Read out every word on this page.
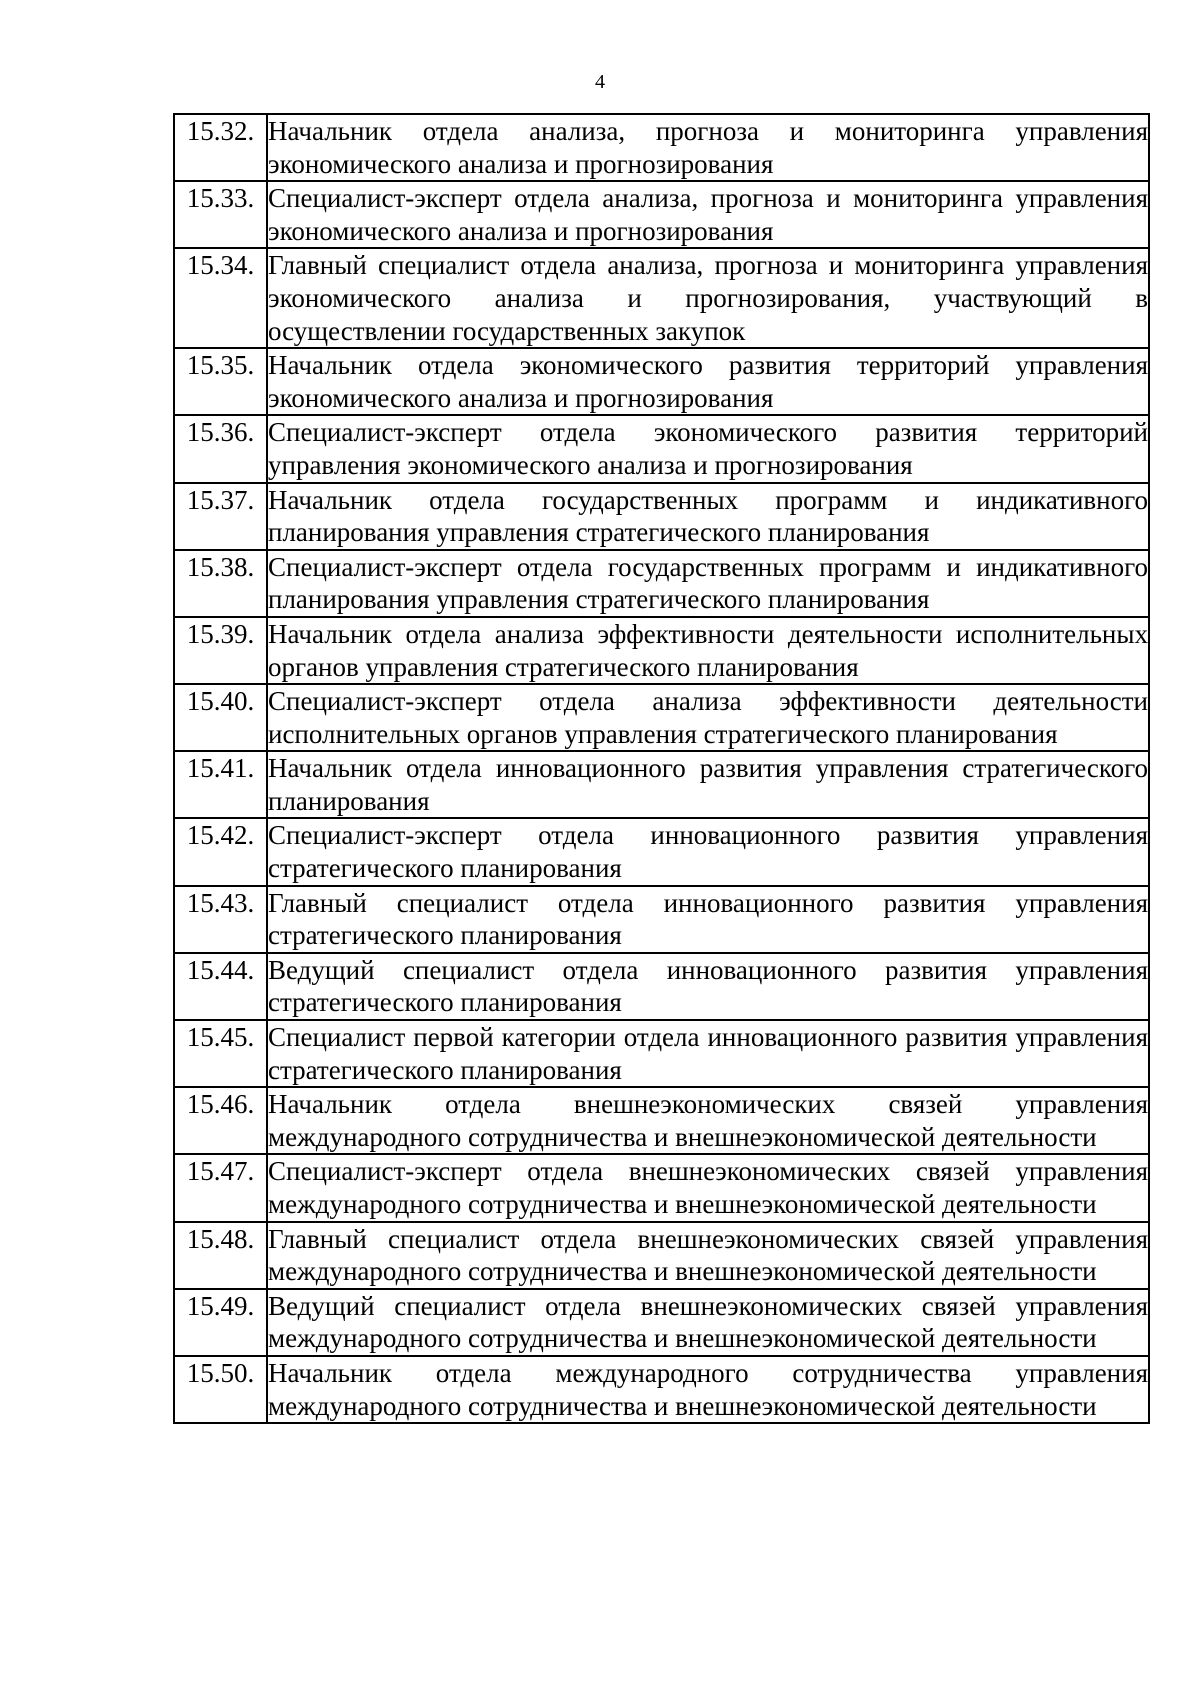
4
15.32.	Начальник отдела анализа, прогноза и мониторинга управления экономического анализа и прогнозирования
15.33.	Специалист-эксперт отдела анализа, прогноза и мониторинга управления экономического анализа и прогнозирования
15.34.	Главный специалист отдела анализа, прогноза и мониторинга управления экономического анализа и прогнозирования, участвующий в осуществлении государственных закупок
15.35.	Начальник отдела экономического развития территорий управления экономического анализа и прогнозирования
15.36.	Специалист-эксперт отдела экономического развития территорий управления экономического анализа и прогнозирования
15.37.	Начальник отдела государственных программ и индикативного планирования управления стратегического планирования
15.38.	Специалист-эксперт отдела государственных программ и индикативного планирования управления стратегического планирования
15.39.	Начальник отдела анализа эффективности деятельности исполнительных органов управления стратегического планирования
15.40.	Специалист-эксперт отдела анализа эффективности деятельности исполнительных органов управления стратегического планирования
15.41.	Начальник отдела инновационного развития управления стратегического планирования
15.42.	Специалист-эксперт отдела инновационного развития управления стратегического планирования
15.43.	Главный специалист отдела инновационного развития управления стратегического планирования
15.44.	Ведущий специалист отдела инновационного развития управления стратегического планирования
15.45.	Специалист первой категории отдела инновационного развития управления стратегического планирования
15.46.	Начальник отдела внешнеэкономических связей управления международного сотрудничества и внешнеэкономической деятельности
15.47.	Специалист-эксперт отдела внешнеэкономических связей управления международного сотрудничества и внешнеэкономической деятельности
15.48.	Главный специалист отдела внешнеэкономических связей управления международного сотрудничества и внешнеэкономической деятельности
15.49.	Ведущий специалист отдела внешнеэкономических связей управления международного сотрудничества и внешнеэкономической деятельности
15.50.	Начальник отдела международного сотрудничества управления международного сотрудничества и внешнеэкономической деятельности
